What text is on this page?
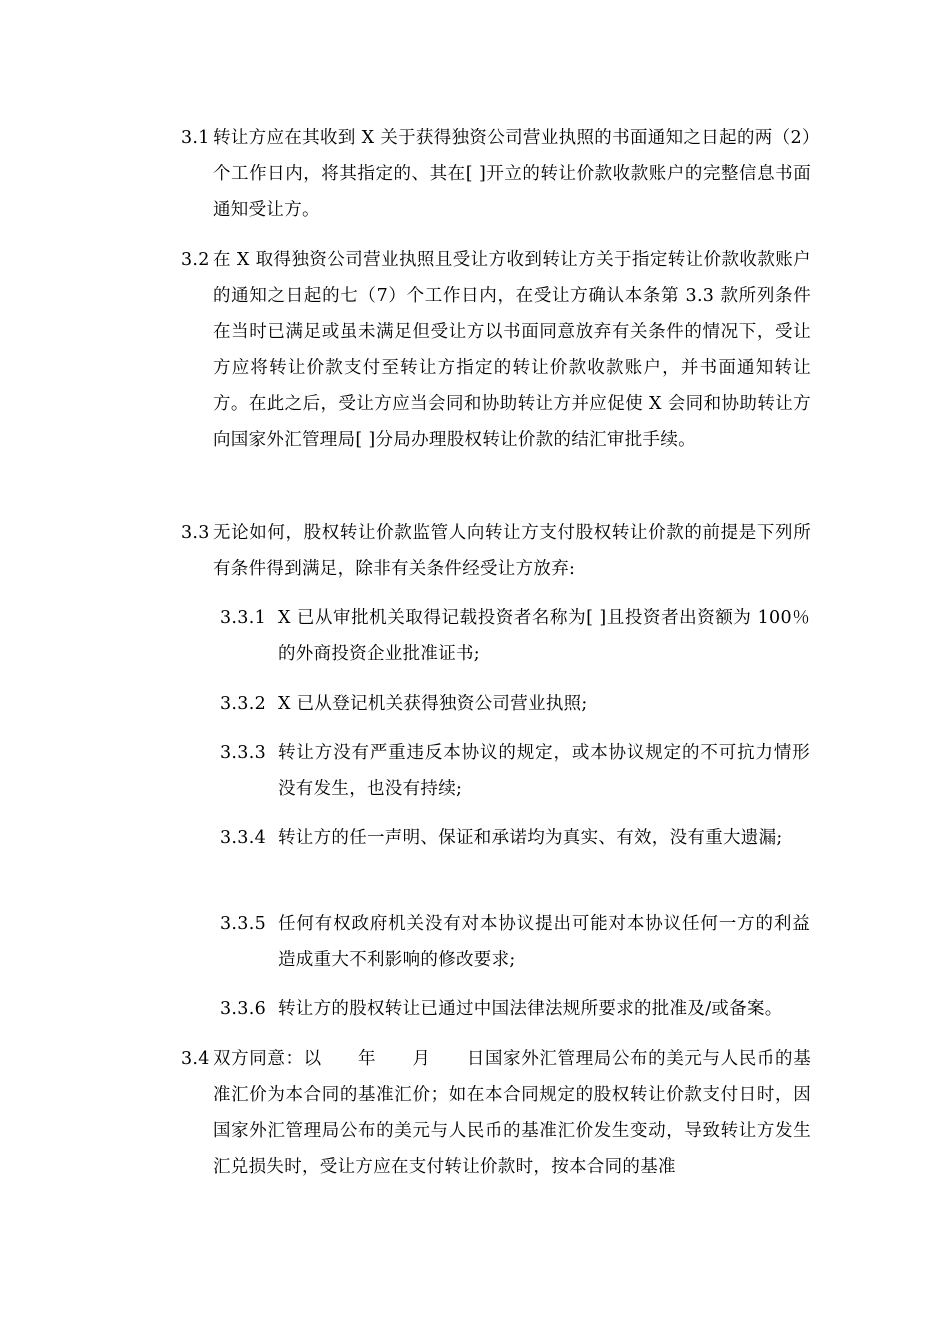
3.1 转让方应在其收到 X 关于获得独资公司营业执照的书面通知之日起的两（2）个工作日内，将其指定的、其在[ ]开立的转让价款收款账户的完整信息书面通知受让方。
3.2 在 X 取得独资公司营业执照且受让方收到转让方关于指定转让价款收款账户的通知之日起的七（7）个工作日内，在受让方确认本条第 3.3 款所列条件在当时已满足或虽未满足但受让方以书面同意放弃有关条件的情况下，受让方应将转让价款支付至转让方指定的转让价款收款账户，并书面通知转让方。在此之后，受让方应当会同和协助转让方并应促使 X 会同和协助转让方向国家外汇管理局[ ]分局办理股权转让价款的结汇审批手续。
3.3 无论如何，股权转让价款监管人向转让方支付股权转让价款的前提是下列所有条件得到满足，除非有关条件经受让方放弃:
3.3.1 X 已从审批机关取得记载投资者名称为[ ]且投资者出资额为 100％的外商投资企业批准证书;
3.3.2 X 已从登记机关获得独资公司营业执照;
3.3.3 转让方没有严重违反本协议的规定，或本协议规定的不可抗力情形没有发生，也没有持续;
3.3.4 转让方的任一声明、保证和承诺均为真实、有效，没有重大遗漏;
3.3.5 任何有权政府机关没有对本协议提出可能对本协议任何一方的利益造成重大不利影响的修改要求;
3.3.6 转让方的股权转让已通过中国法律法规所要求的批准及/或备案。
3.4 双方同意：以　　年　　月　　日国家外汇管理局公布的美元与人民币的基准汇价为本合同的基准汇价；如在本合同规定的股权转让价款支付日时，因国家外汇管理局公布的美元与人民币的基准汇价发生变动，导致转让方发生汇兑损失时，受让方应在支付转让价款时，按本合同的基准
